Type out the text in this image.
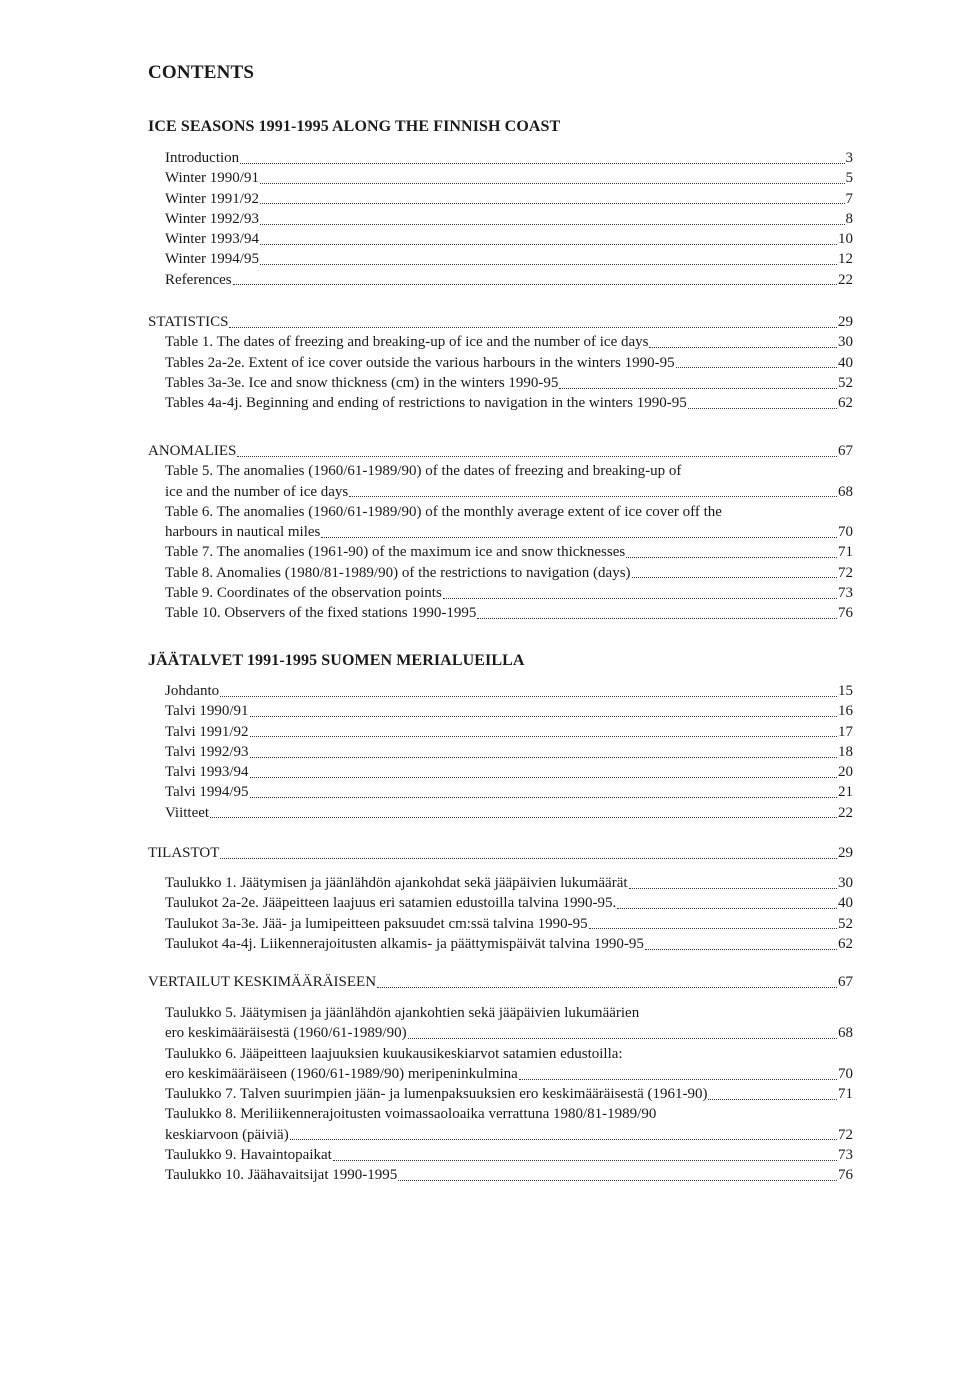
CONTENTS
ICE SEASONS 1991-1995 ALONG THE FINNISH COAST
Introduction	3
Winter 1990/91	5
Winter 1991/92	7
Winter 1992/93	8
Winter 1993/94	10
Winter 1994/95	12
References	22
STATISTICS	29
Table 1. The dates of freezing and breaking-up of ice and the number of ice days	30
Tables 2a-2e. Extent of ice cover outside the various harbours in the winters 1990-95	40
Tables 3a-3e. Ice and snow thickness (cm) in the winters 1990-95	52
Tables 4a-4j. Beginning and ending of restrictions to navigation in the winters 1990-95	62
ANOMALIES	67
Table 5. The anomalies (1960/61-1989/90) of the dates of freezing and breaking-up of
ice and the number of ice days	68
Table 6. The anomalies (1960/61-1989/90) of the monthly average extent of ice cover off the
harbours in nautical miles	70
Table 7. The anomalies (1961-90) of the maximum ice and snow thicknesses	71
Table 8. Anomalies (1980/81-1989/90) of the restrictions to navigation (days)	72
Table 9. Coordinates of the observation points	73
Table 10. Observers of the fixed stations 1990-1995	76
JÄÄTALVET 1991-1995 SUOMEN MERIALUEILLA
Johdanto	15
Talvi 1990/91	16
Talvi 1991/92	17
Talvi 1992/93	18
Talvi 1993/94	20
Talvi 1994/95	21
Viitteet	22
TILASTOT	29
Taulukko 1. Jäätymisen ja jäänlähdön ajankohdat sekä jääpäivien lukumäärät	30
Taulukot 2a-2e. Jääpeitteen laajuus eri satamien edustoilla talvina 1990-95.	40
Taulukot 3a-3e. Jää- ja lumipeitteen paksuudet cm:ssä talvina 1990-95	52
Taulukot 4a-4j. Liikennerajoitusten alkamis- ja päättymispäivät talvina 1990-95	62
VERTAILUT KESKIMÄÄRÄISEEN	67
Taulukko 5. Jäätymisen ja jäänlähdön ajankohtien sekä jääpäivien lukumäärien
ero keskimääräisestä (1960/61-1989/90)	68
Taulukko 6. Jääpeitteen laajuuksien kuukausikeskiarvot satamien edustoilla:
ero keskimääräiseen (1960/61-1989/90) meripeninkulmina	70
Taulukko 7. Talven suurimpien jään- ja lumenpaksuuksien ero keskimääräisestä (1961-90)	71
Taulukko 8. Meriliikennerajoitusten voimassaoloaika verrattuna 1980/81-1989/90
keskiarvoon (päiviä)	72
Taulukko 9. Havaintopaikat	73
Taulukko 10. Jäähavaitsijat 1990-1995	76
